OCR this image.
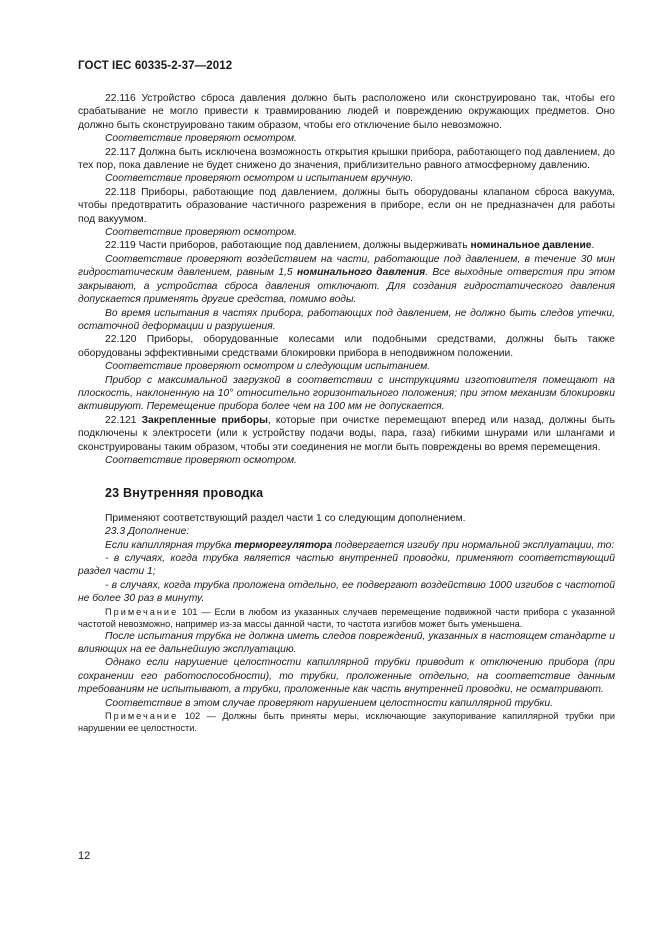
ГОСТ IEC 60335-2-37—2012

22.116 Устройство сброса давления должно быть расположено или сконструировано так, чтобы его срабатывание не могло привести к травмированию людей и повреждению окружающих предметов. Оно должно быть сконструировано таким образом, чтобы его отключение было невозможно.

Соответствие проверяют осмотром.

22.117 Должна быть исключена возможность открытия крышки прибора, работающего под давлением, до тех пор, пока давление не будет снижено до значения, приблизительно равного атмосферному давлению.

Соответствие проверяют осмотром и испытанием вручную.

22.118 Приборы, работающие под давлением, должны быть оборудованы клапаном сброса вакуума, чтобы предотвратить образование частичного разрежения в приборе, если он не предназначен для работы под вакуумом.

Соответствие проверяют осмотром.

22.119 Части приборов, работающие под давлением, должны выдерживать номинальное давление.

Соответствие проверяют воздействием на части, работающие под давлением, в течение 30 мин гидростатическим давлением, равным 1,5 номинального давления. Все выходные отверстия при этом закрывают, а устройства сброса давления отключают. Для создания гидростатического давления допускается применять другие средства, помимо воды.

Во время испытания в частях прибора, работающих под давлением, не должно быть следов утечки, остаточной деформации и разрушения.

22.120 Приборы, оборудованные колесами или подобными средствами, должны быть также оборудованы эффективными средствами блокировки прибора в неподвижном положении.

Соответствие проверяют осмотром и следующим испытанием.

Прибор с максимальной загрузкой в соответствии с инструкциями изготовителя помещают на плоскость, наклоненную на 10° относительно горизонтального положения; при этом механизм блокировки активируют. Перемещение прибора более чем на 100 мм не допускается.

22.121 Закрепленные приборы, которые при очистке перемещают вперед или назад, должны быть подключены к электросети (или к устройству подачи воды, пара, газа) гибкими шнурами или шлангами и сконструированы таким образом, чтобы эти соединения не могли быть повреждены во время перемещения.

Соответствие проверяют осмотром.

23 Внутренняя проводка

Применяют соответствующий раздел части 1 со следующим дополнением.

23.3 Дополнение:

Если капиллярная трубка терморегулятора подвергается изгибу при нормальной эксплуатации, то:

- в случаях, когда трубка является частью внутренней проводки, применяют соответствующий раздел части 1;

- в случаях, когда трубка проложена отдельно, ее подвергают воздействию 1000 изгибов с частотой не более 30 раз в минуту.

Примечание 101 — Если в любом из указанных случаев перемещение подвижной части прибора с указанной частотой невозможно, например из-за массы данной части, то частота изгибов может быть уменьшена.

После испытания трубка не должна иметь следов повреждений, указанных в настоящем стандарте и влияющих на ее дальнейшую эксплуатацию.

Однако если нарушение целостности капиллярной трубки приводит к отключению прибора (при сохранении его работоспособности), то трубки, проложенные отдельно, на соответствие данным требованиям не испытывают, а трубки, проложенные как часть внутренней проводки, не осматривают.

Соответствие в этом случае проверяют нарушением целостности капиллярной трубки.

Примечание 102 — Должны быть приняты меры, исключающие закупоривание капиллярной трубки при нарушении ее целостности.

12
